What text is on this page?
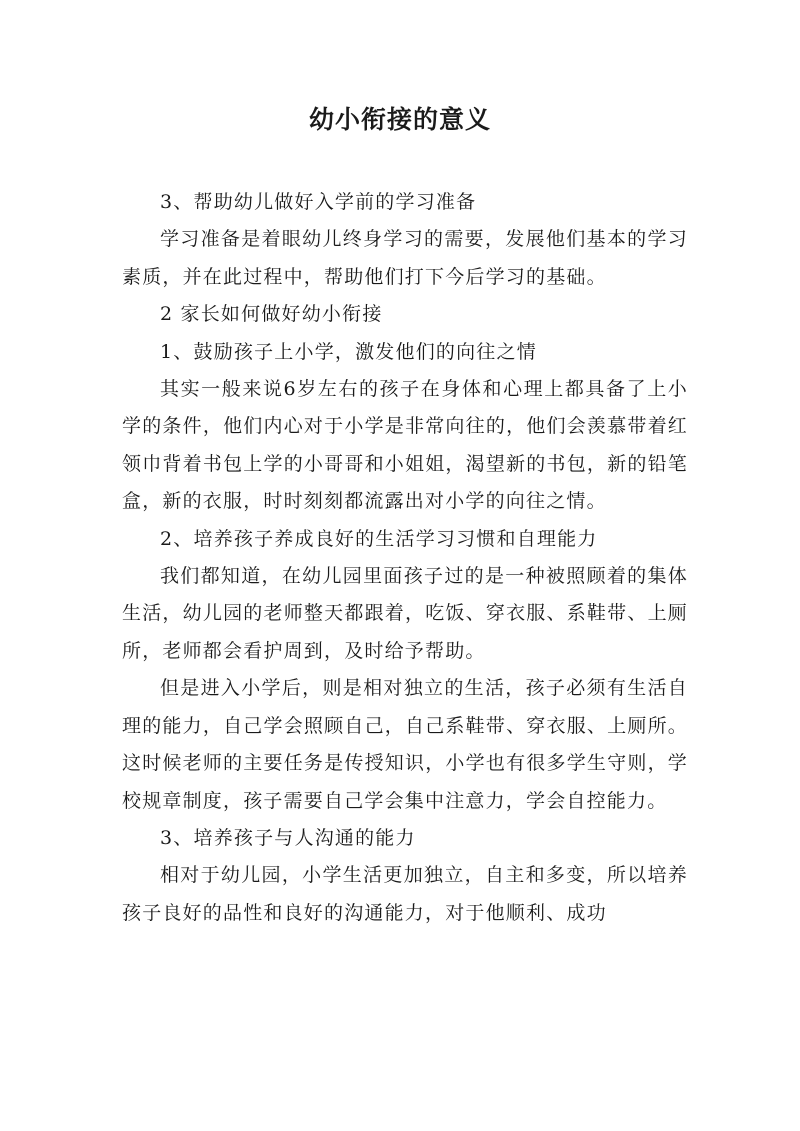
幼小衔接的意义

3、帮助幼儿做好入学前的学习准备

学习准备是着眼幼儿终身学习的需要，发展他们基本的学习素质，并在此过程中，帮助他们打下今后学习的基础。

2 家长如何做好幼小衔接

1、鼓励孩子上小学，激发他们的向往之情

其实一般来说6岁左右的孩子在身体和心理上都具备了上小学的条件，他们内心对于小学是非常向往的，他们会羡慕带着红领巾背着书包上学的小哥哥和小姐姐，渴望新的书包，新的铅笔盒，新的衣服，时时刻刻都流露出对小学的向往之情。

2、培养孩子养成良好的生活学习习惯和自理能力

我们都知道，在幼儿园里面孩子过的是一种被照顾着的集体生活，幼儿园的老师整天都跟着，吃饭、穿衣服、系鞋带、上厕所，老师都会看护周到，及时给予帮助。

但是进入小学后，则是相对独立的生活，孩子必须有生活自理的能力，自己学会照顾自己，自己系鞋带、穿衣服、上厕所。这时候老师的主要任务是传授知识，小学也有很多学生守则，学校规章制度，孩子需要自己学会集中注意力，学会自控能力。

3、培养孩子与人沟通的能力

相对于幼儿园，小学生活更加独立，自主和多变，所以培养孩子良好的品性和良好的沟通能力，对于他顺利、成功
